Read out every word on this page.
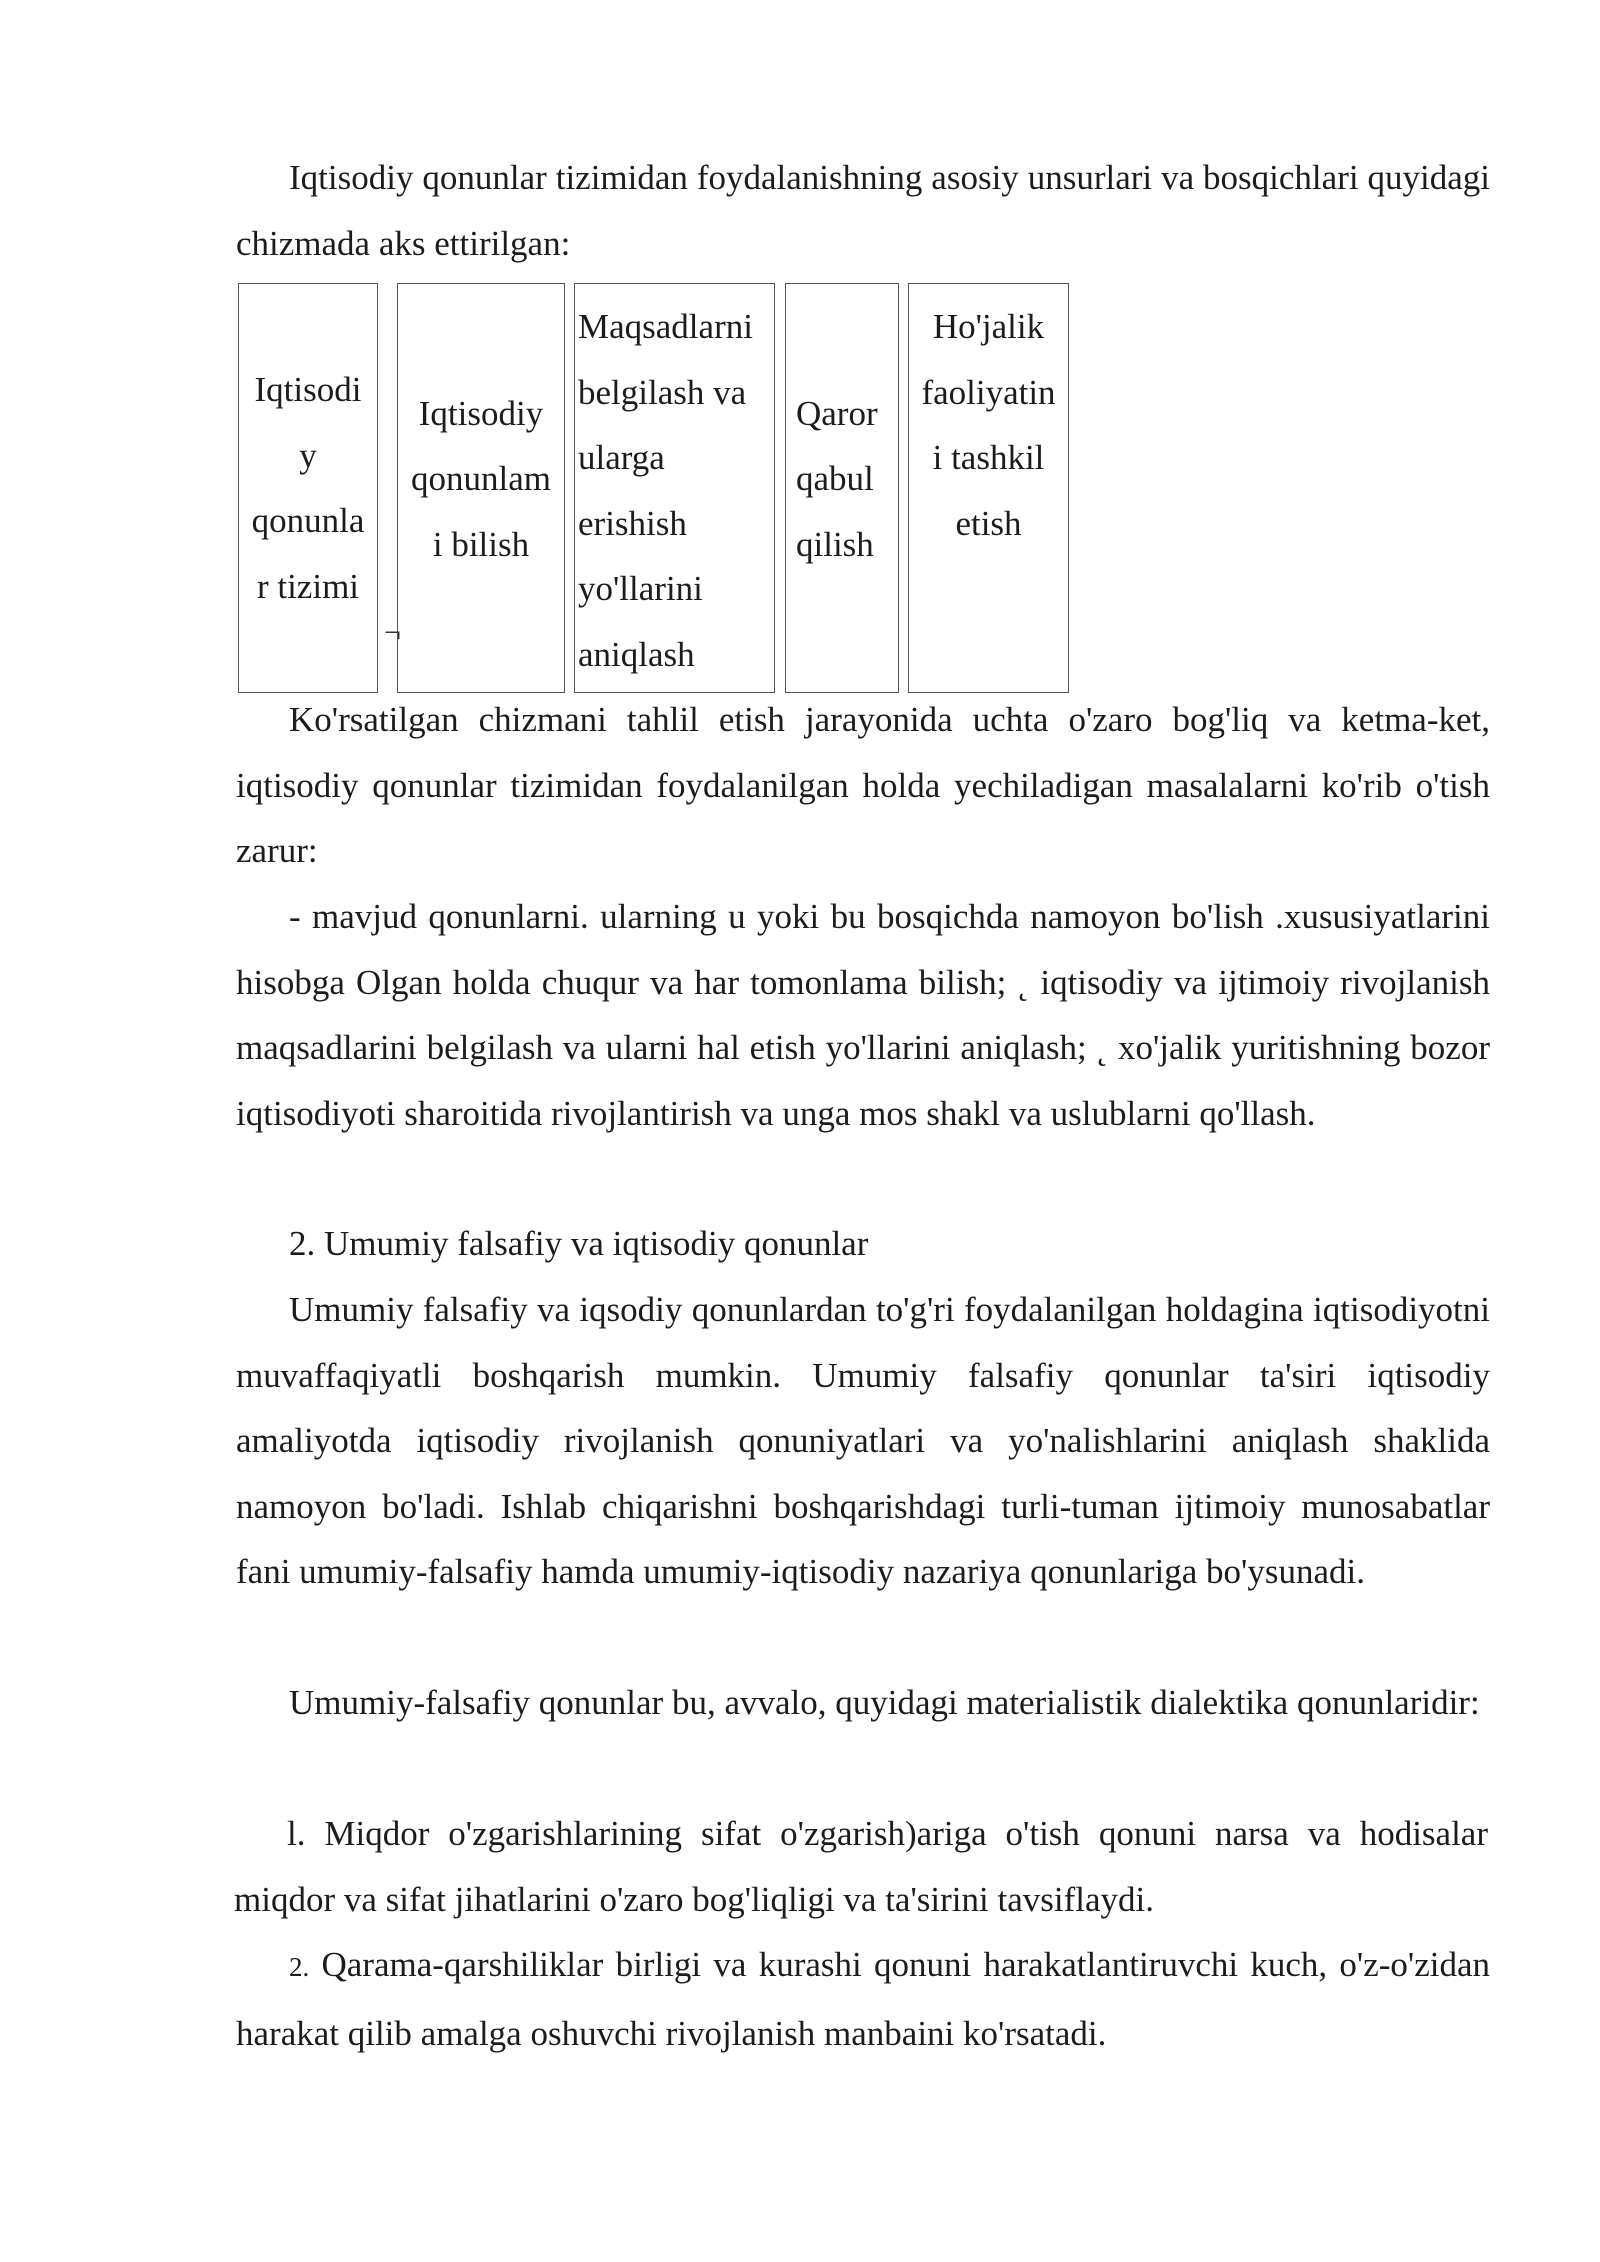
Iqtisodiy qonunlar tizimidan foydalanishning asosiy unsurlari va bosqichlari quyidagi chizmada aks ettirilgan:

Iqtisodi
y
qonunla
r tizimi
Iqtisodiy
qonunlam
i bilish
Maqsadlarni
belgilash va
ularga
erishish
yo'llarini
aniqlash
Qaror
qabul
qilish
Ho'jalik
faoliyatin
i tashkil
etish
¬

Ko'rsatilgan chizmani tahlil etish jarayonida uchta o'zaro bog'liq va ketma-ket, iqtisodiy qonunlar tizimidan foydalanilgan holda yechiladigan masalalarni ko'rib o'tish zarur:

- mavjud qonunlarni. ularning u yoki bu bosqichda namoyon bo'lish .xususiyatlarini hisobga Olgan holda chuqur va har tomonlama bilish; ˛ iqtisodiy va ijtimoiy rivojlanish maqsadlarini belgilash va ularni hal etish yo'llarini aniqlash; ˛ xo'jalik yuritishning bozor iqtisodiyoti sharoitida rivojlantirish va unga mos shakl va uslublarni qo'llash.

2. Umumiy falsafiy va iqtisodiy qonunlar

Umumiy falsafiy va iqsodiy qonunlardan to'g'ri foydalanilgan holdagina iqtisodiyotni muvaffaqiyatli boshqarish mumkin. Umumiy falsafiy qonunlar ta'siri iqtisodiy amaliyotda iqtisodiy rivojlanish qonuniyatlari va yo'nalishlarini aniqlash shaklida namoyon bo'ladi. Ishlab chiqarishni boshqarishdagi turli-tuman ijtimoiy munosabatlar fani umumiy-falsafiy hamda umumiy-iqtisodiy nazariya qonunlariga bo'ysunadi.

Umumiy-falsafiy qonunlar bu, avvalo, quyidagi materialistik dialektika qonunlaridir:

l. Miqdor o'zgarishlarining sifat o'zgarish)ariga o'tish qonuni narsa va hodisalar miqdor va sifat jihatlarini o'zaro bog'liqligi va ta'sirini tavsiflaydi.

2. Qarama-qarshiliklar birligi va kurashi qonuni harakatlantiruvchi kuch, o'z-o'zidan harakat qilib amalga oshuvchi rivojlanish manbaini ko'rsatadi.
